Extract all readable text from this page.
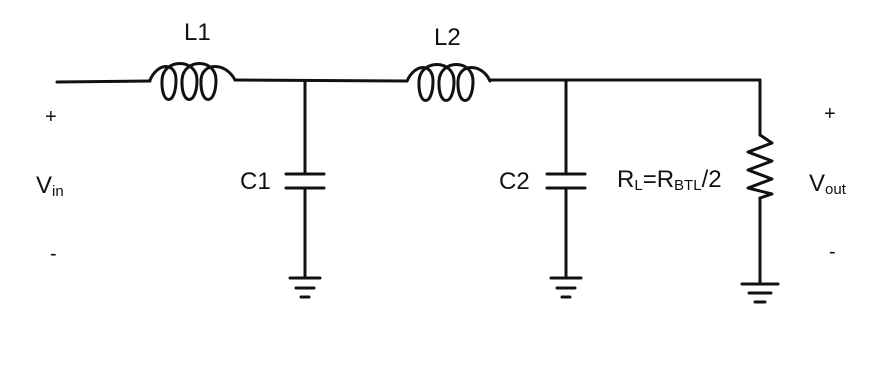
L1	L2
C1	C2	$R_L=R_{BTL}/2$
+
$V_{in}$
-
+
$V_{out}$
-
